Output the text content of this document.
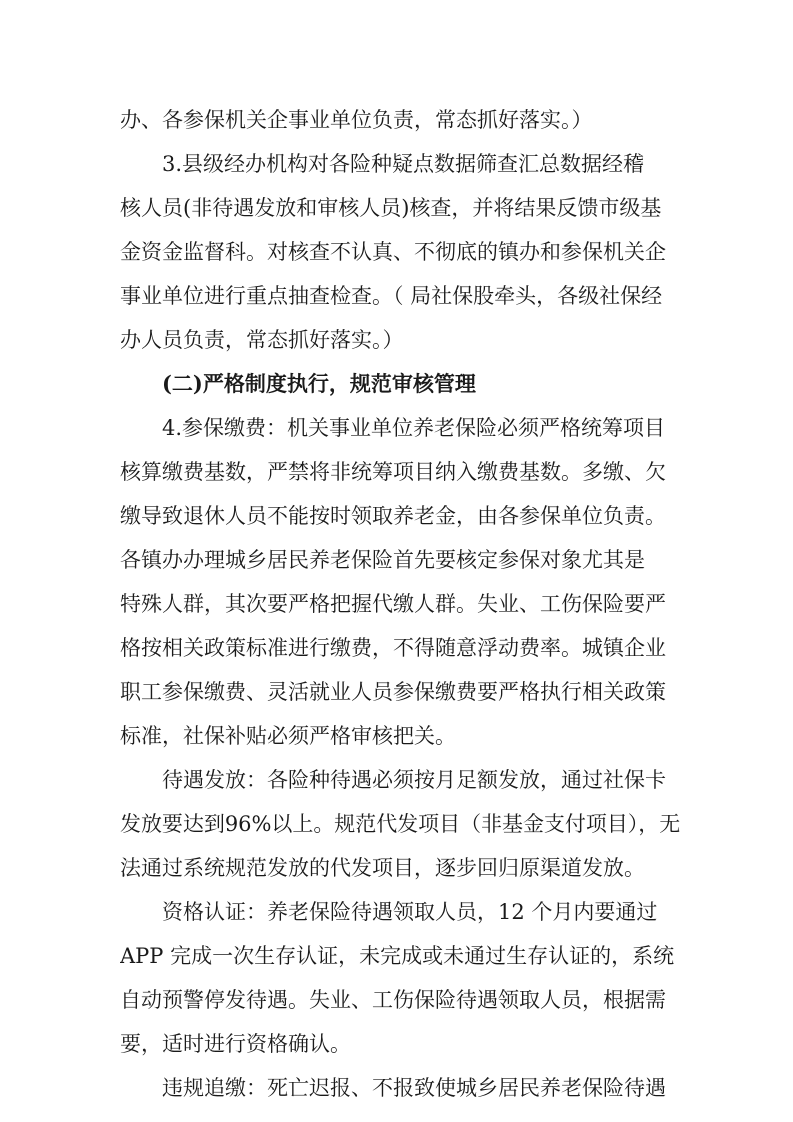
办、各参保机关企事业单位负责，常态抓好落实。）
3.县级经办机构对各险种疑点数据筛查汇总数据经稽
核人员(非待遇发放和审核人员)核查，并将结果反馈市级基
金资金监督科。对核查不认真、不彻底的镇办和参保机关企
事业单位进行重点抽查检查。（ 局社保股牵头，各级社保经
办人员负责，常态抓好落实。）
(二)严格制度执行，规范审核管理
4.参保缴费：机关事业单位养老保险必须严格统筹项目
核算缴费基数，严禁将非统筹项目纳入缴费基数。多缴、欠
缴导致退休人员不能按时领取养老金，由各参保单位负责。
各镇办办理城乡居民养老保险首先要核定参保对象尤其是
特殊人群，其次要严格把握代缴人群。失业、工伤保险要严
格按相关政策标准进行缴费，不得随意浮动费率。城镇企业
职工参保缴费、灵活就业人员参保缴费要严格执行相关政策
标准，社保补贴必须严格审核把关。
待遇发放：各险种待遇必须按月足额发放，通过社保卡
发放要达到96%以上。规范代发项目（非基金支付项目），无
法通过系统规范发放的代发项目，逐步回归原渠道发放。
资格认证：养老保险待遇领取人员，12 个月内要通过
APP 完成一次生存认证，未完成或未通过生存认证的，系统
自动预警停发待遇。失业、工伤保险待遇领取人员，根据需
要，适时进行资格确认。
违规追缴：死亡迟报、不报致使城乡居民养老保险待遇
